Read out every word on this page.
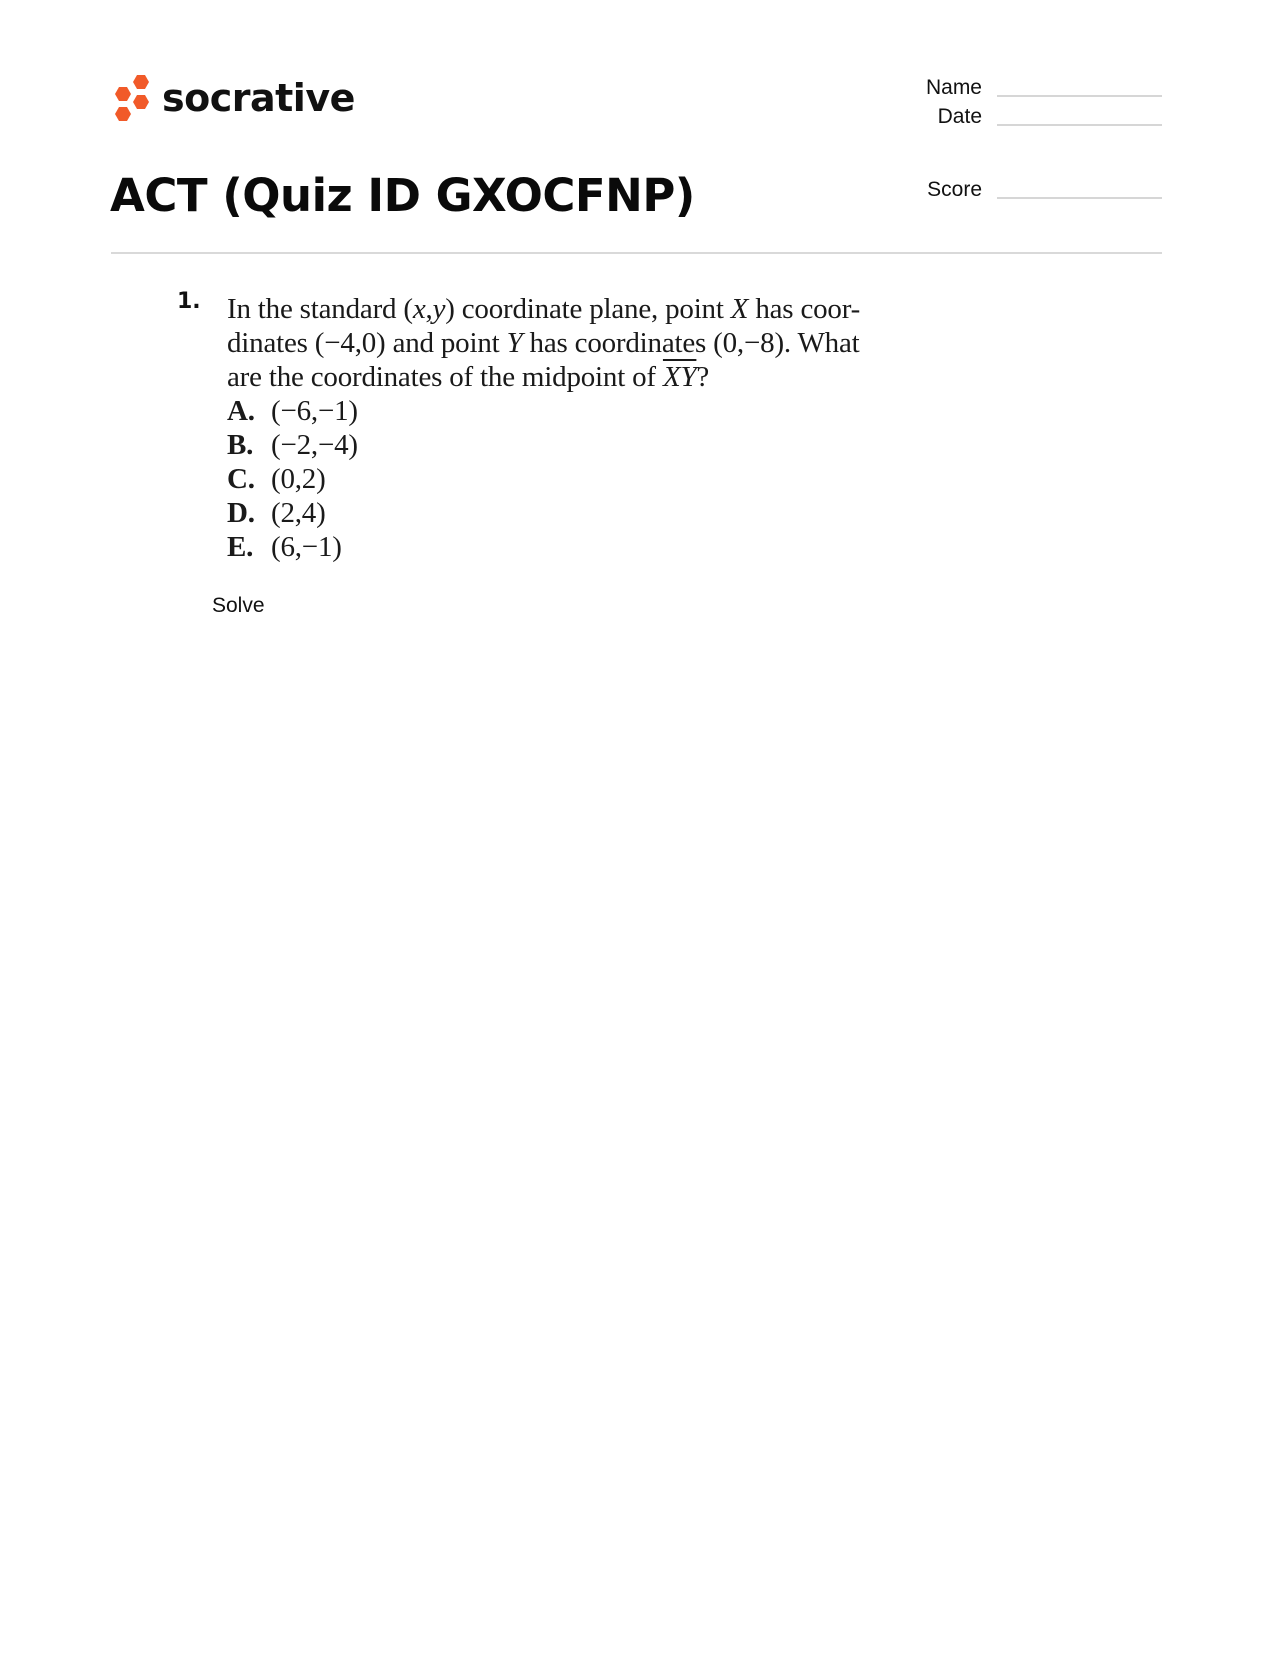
socrative	Name
Date
Score
ACT (Quiz ID GXOCFNP)
1. In the standard (x,y) coordinate plane, point X has coor-
dinates (−4,0) and point Y has coordinates (0,−8). What
are the coordinates of the midpoint of $\overline{XY}$?
A. (−6,−1)
B. (−2,−4)
C. (0,2)
D. (2,4)
E. (6,−1)
Solve
